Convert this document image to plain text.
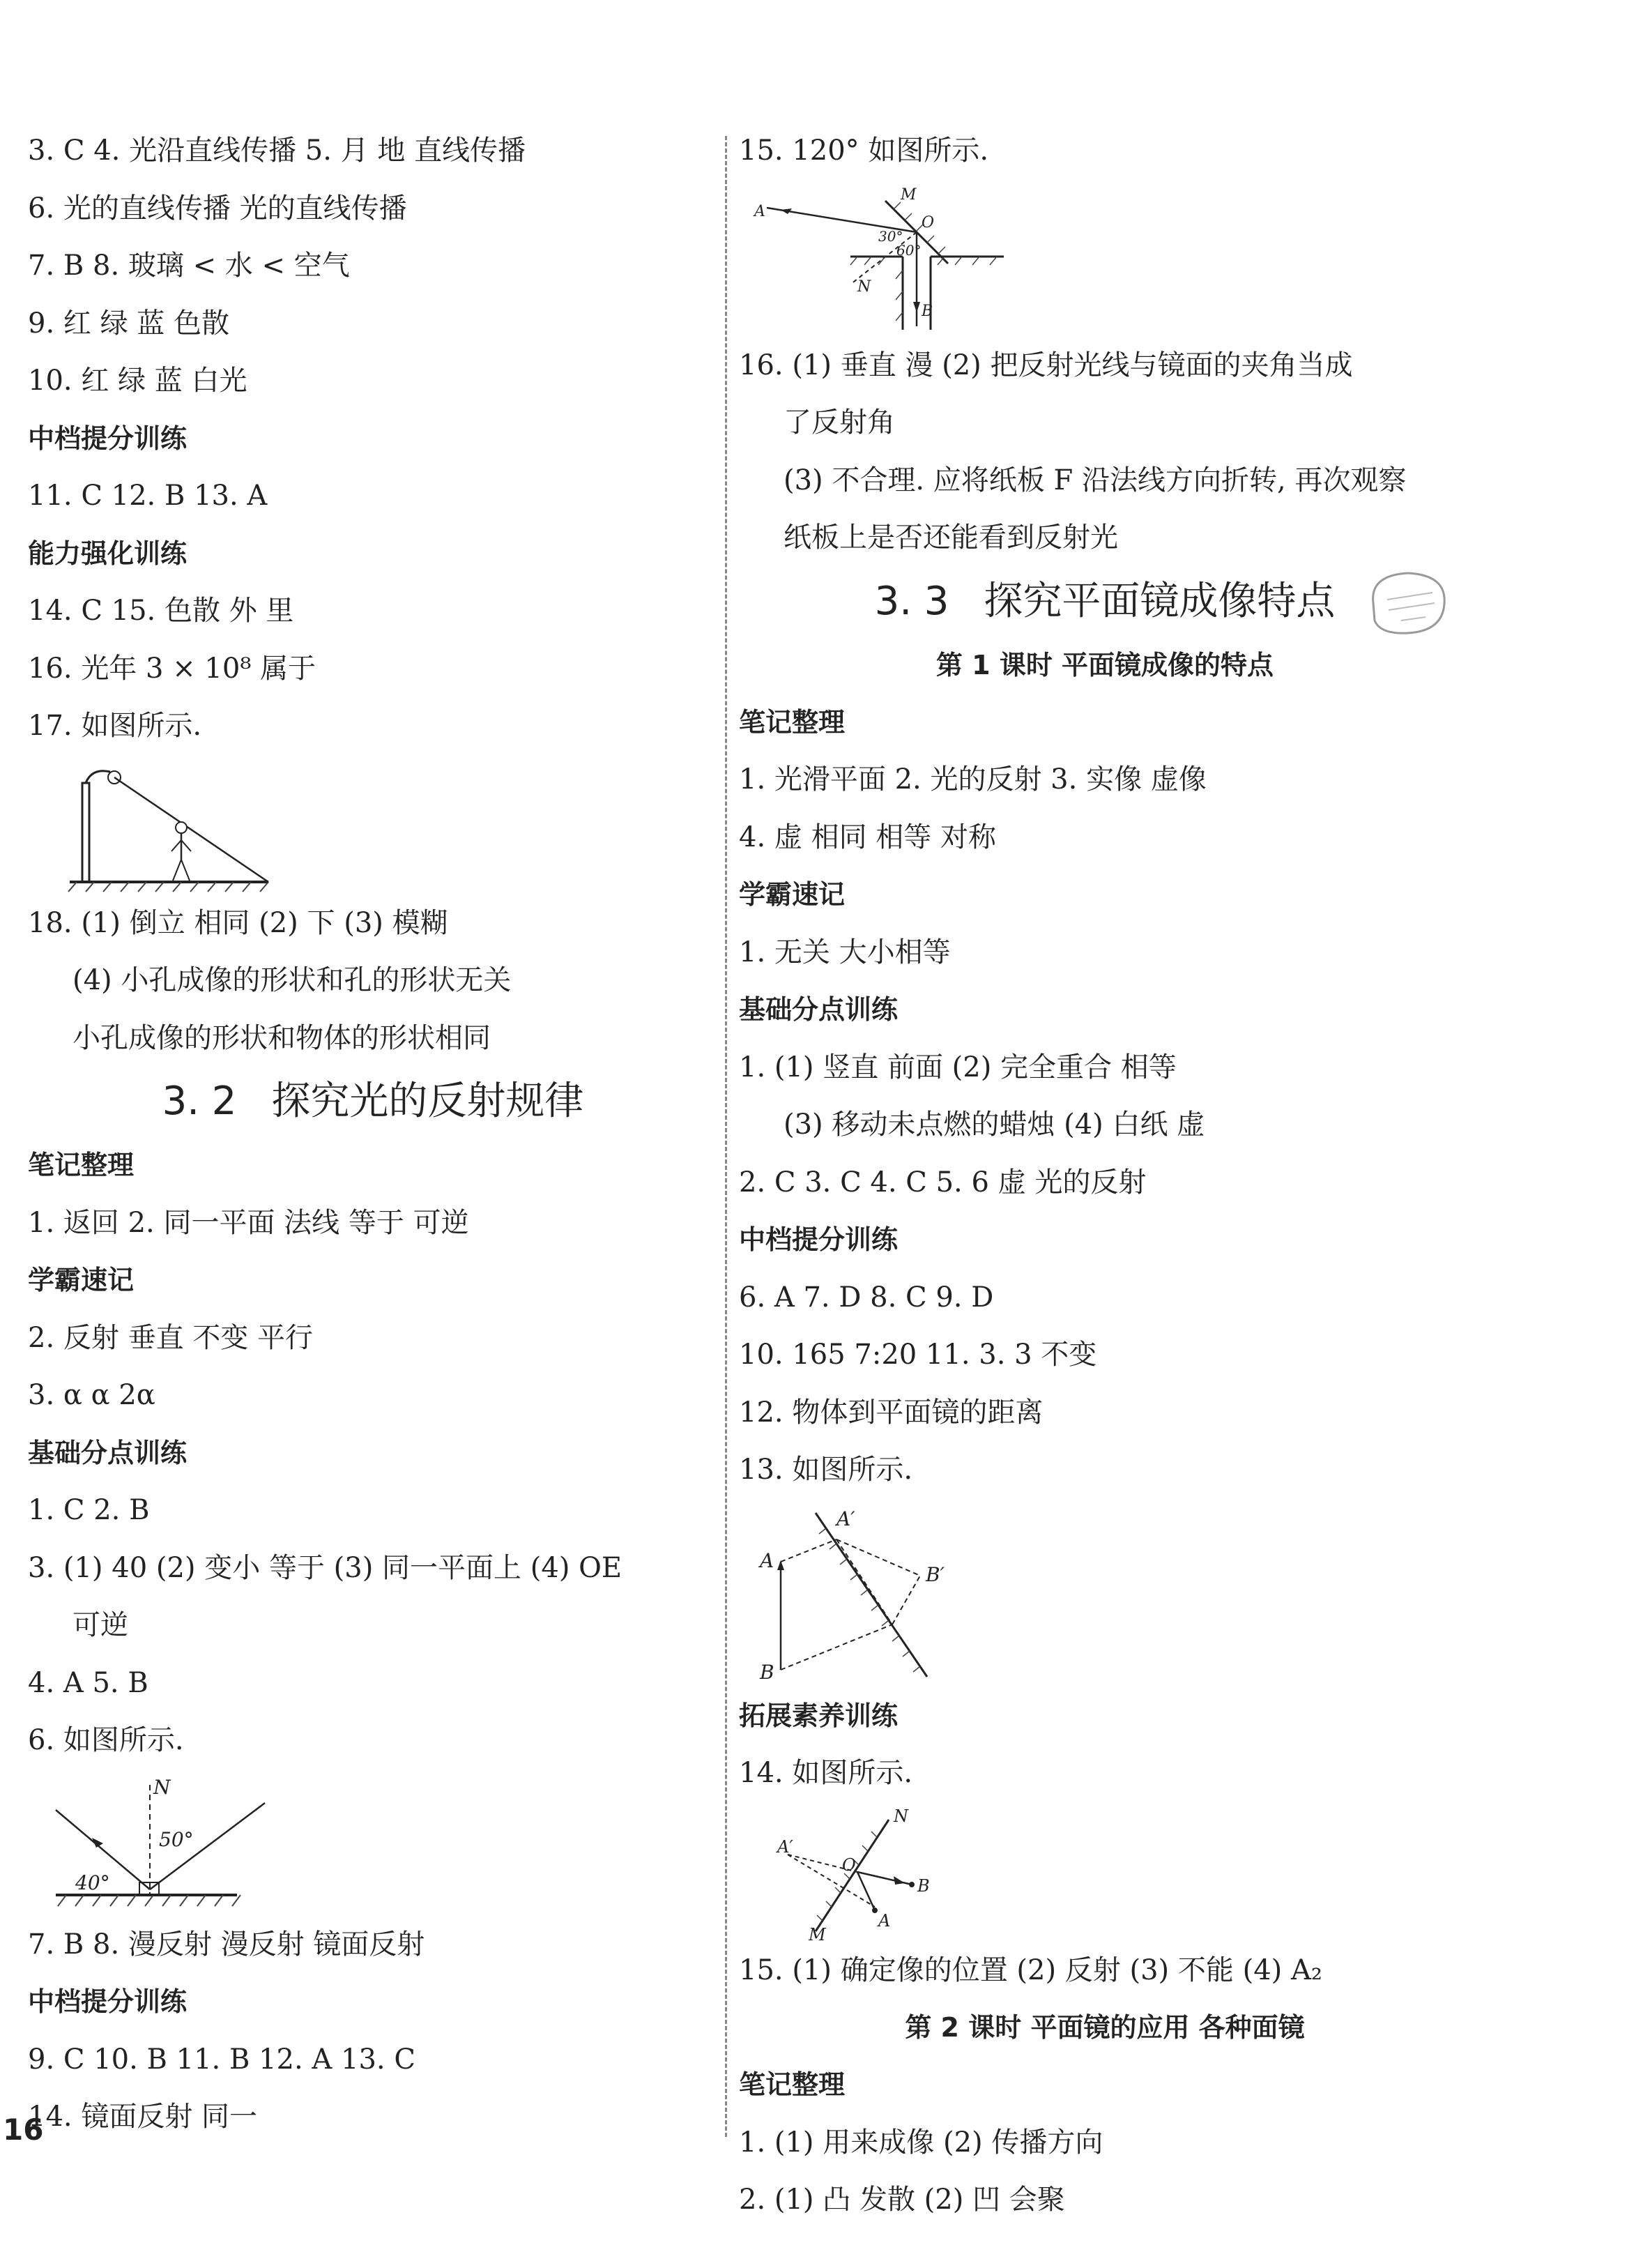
3. C 4. 光沿直线传播 5. 月 地 直线传播
6. 光的直线传播 光的直线传播
7. B 8. 玻璃 < 水 < 空气
9. 红 绿 蓝 色散
10. 红 绿 蓝 白光
中档提分训练
11. C 12. B 13. A
能力强化训练
14. C 15. 色散 外 里
16. 光年 3 × 10⁸ 属于
17. 如图所示.
18. (1) 倒立 相同 (2) 下 (3) 模糊
(4) 小孔成像的形状和孔的形状无关
小孔成像的形状和物体的形状相同
3. 2 探究光的反射规律
笔记整理
1. 返回 2. 同一平面 法线 等于 可逆
学霸速记
2. 反射 垂直 不变 平行
3. α α 2α
基础分点训练
1. C 2. B
3. (1) 40 (2) 变小 等于 (3) 同一平面上 (4) OE
可逆
4. A 5. B
6. 如图所示.
N
50°
40°
7. B 8. 漫反射 漫反射 镜面反射
中档提分训练
9. C 10. B 11. B 12. A 13. C
14. 镜面反射 同一
16
15. 120° 如图所示.
M
A
O
N
B
30°
60°
16. (1) 垂直 漫 (2) 把反射光线与镜面的夹角当成
了反射角
(3) 不合理. 应将纸板 F 沿法线方向折转, 再次观察
纸板上是否还能看到反射光
3. 3 探究平面镜成像特点
第 1 课时 平面镜成像的特点
笔记整理
1. 光滑平面 2. 光的反射 3. 实像 虚像
4. 虚 相同 相等 对称
学霸速记
1. 无关 大小相等
基础分点训练
1. (1) 竖直 前面 (2) 完全重合 相等
(3) 移动未点燃的蜡烛 (4) 白纸 虚
2. C 3. C 4. C 5. 6 虚 光的反射
中档提分训练
6. A 7. D 8. C 9. D
10. 165 7:20 11. 3. 3 不变
12. 物体到平面镜的距离
13. 如图所示.
A′
B′
A
B
拓展素养训练
14. 如图所示.
N
A′
O
B
A
M
15. (1) 确定像的位置 (2) 反射 (3) 不能 (4) A₂
第 2 课时 平面镜的应用 各种面镜
笔记整理
1. (1) 用来成像 (2) 传播方向
2. (1) 凸 发散 (2) 凹 会聚
